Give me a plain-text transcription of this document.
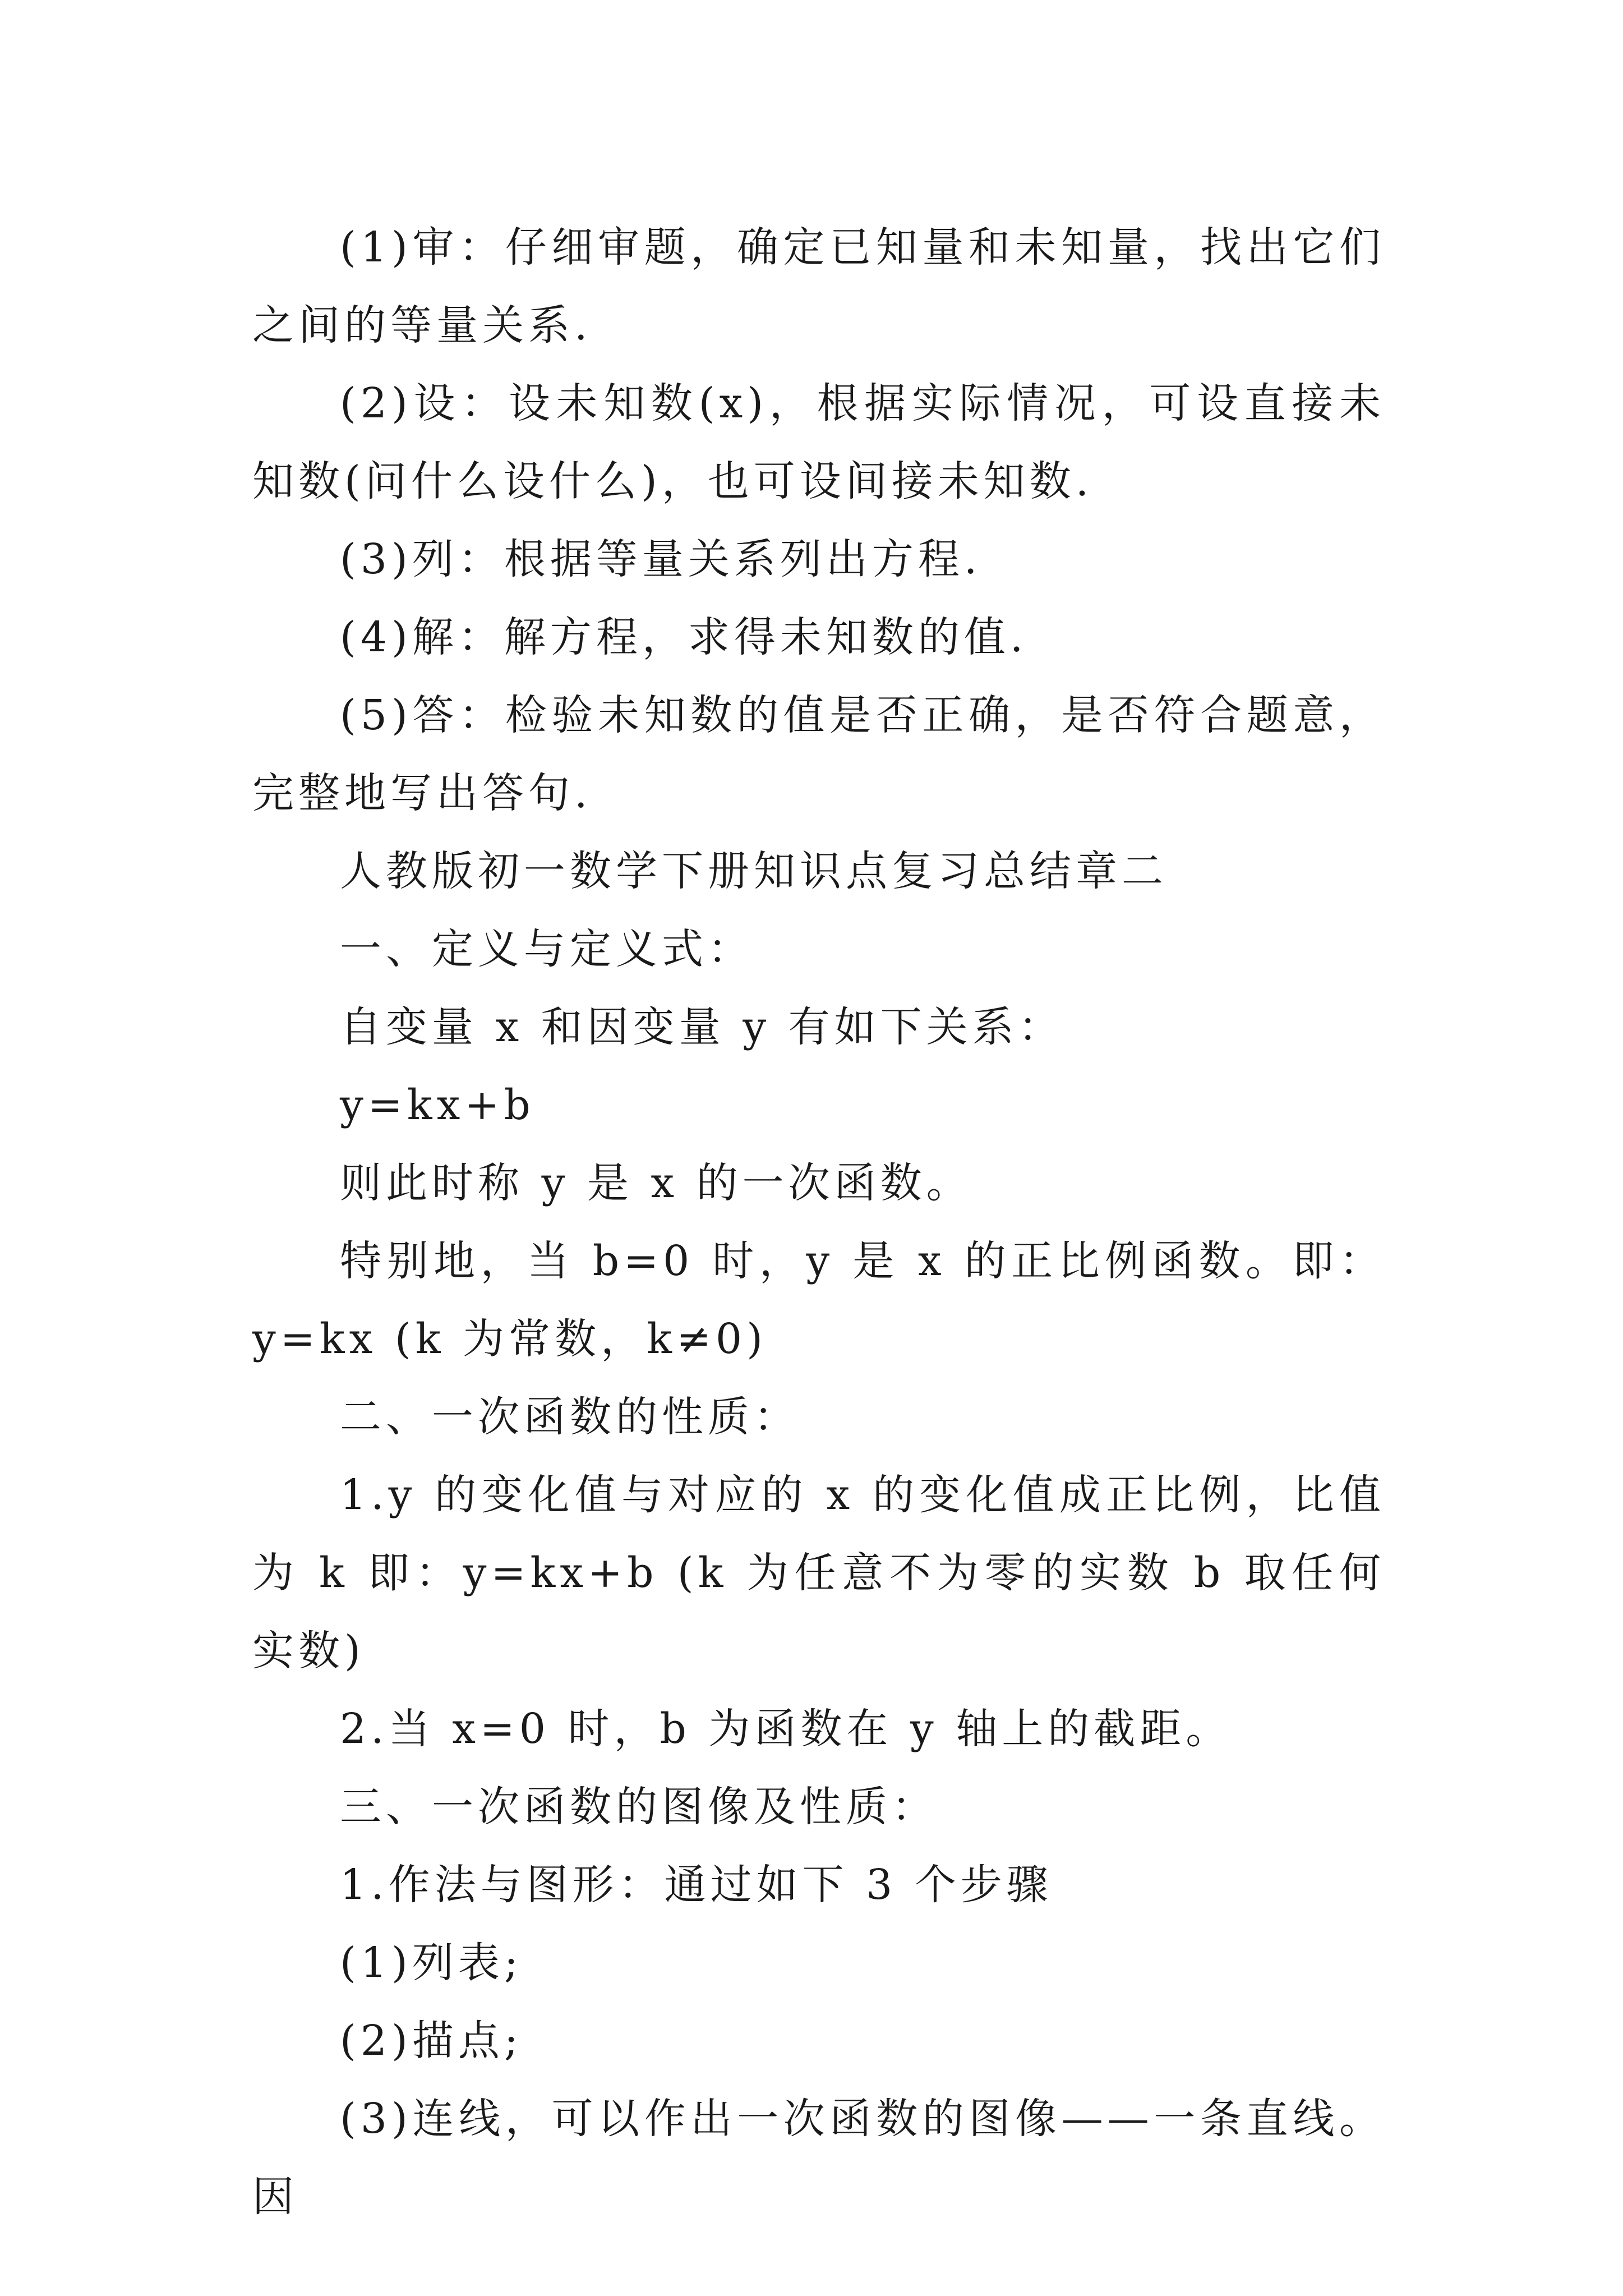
(1)审：仔细审题，确定已知量和未知量，找出它们之间的等量关系.

(2)设：设未知数(x)，根据实际情况，可设直接未知数(问什么设什么)，也可设间接未知数.

(3)列：根据等量关系列出方程.

(4)解：解方程，求得未知数的值.

(5)答：检验未知数的值是否正确，是否符合题意，完整地写出答句.

人教版初一数学下册知识点复习总结章二

一、定义与定义式：

自变量 x 和因变量 y 有如下关系：

y=kx+b

则此时称 y 是 x 的一次函数。

特别地，当 b=0 时，y 是 x 的正比例函数。即：y=kx (k 为常数，k≠0)

二、一次函数的性质：

1.y 的变化值与对应的 x 的变化值成正比例，比值为 k 即：y=kx+b (k 为任意不为零的实数 b 取任何实数)

2.当 x=0 时，b 为函数在 y 轴上的截距。

三、一次函数的图像及性质：

1.作法与图形：通过如下 3 个步骤

(1)列表;

(2)描点;

(3)连线，可以作出一次函数的图像——一条直线。因
